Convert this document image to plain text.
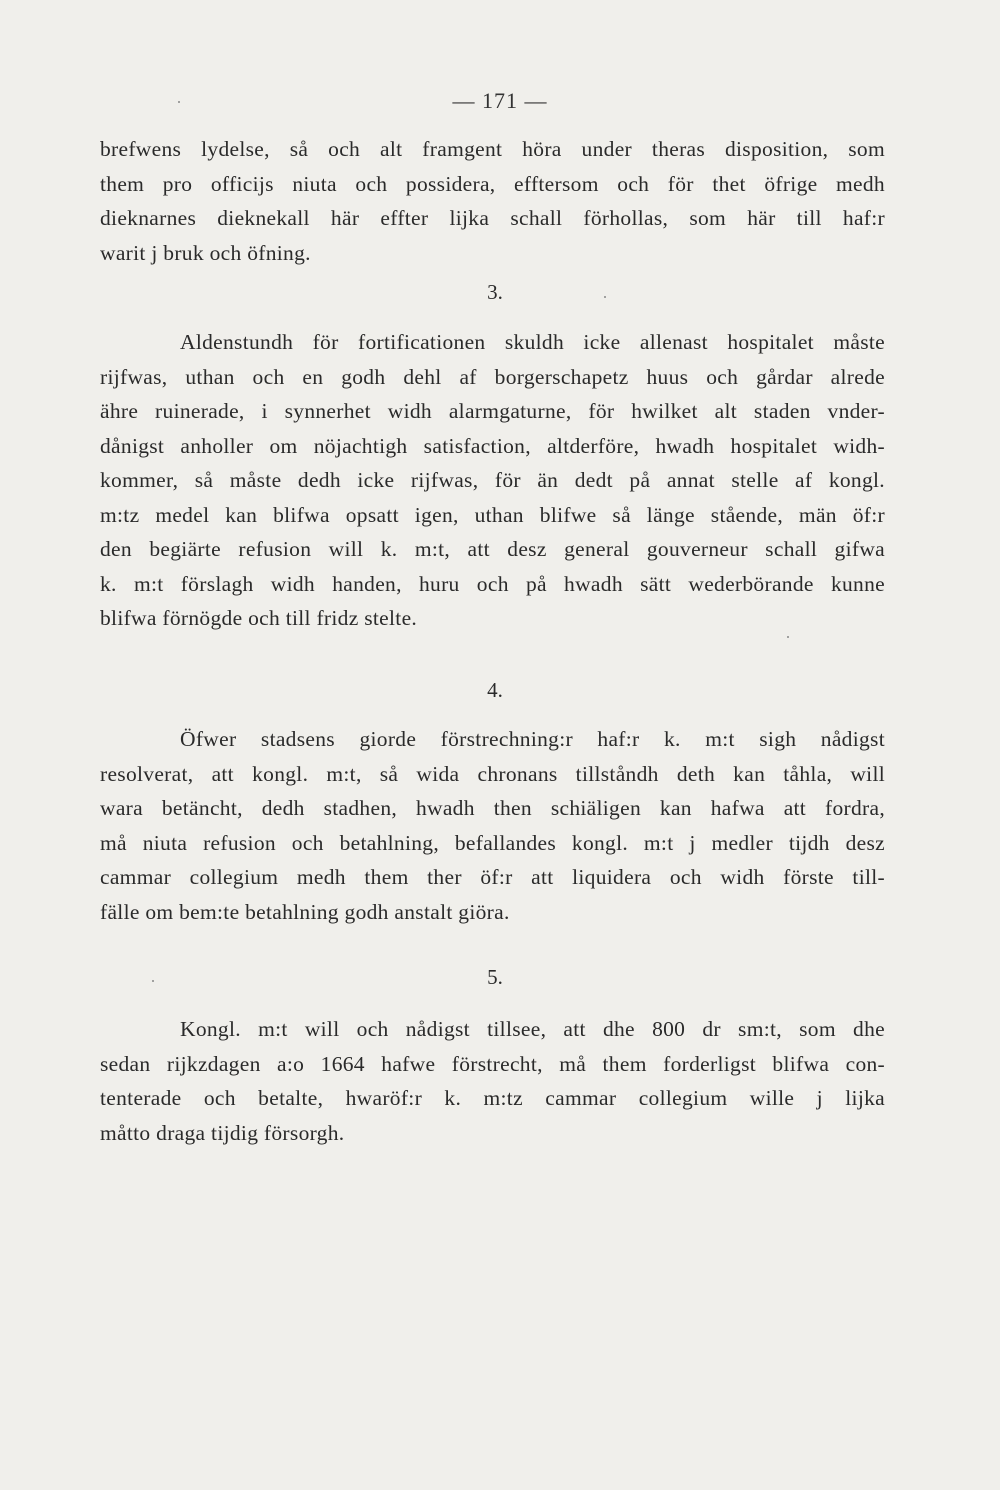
— 171 —
brefwens lydelse, så och alt framgent höra under theras disposition, som
them pro officijs niuta och possidera, efftersom och för thet öfrige medh
dieknarnes dieknekall här effter lijka schall förhollas, som här till haf:r
warit j bruk och öfning.
3.
Aldenstundh för fortificationen skuldh icke allenast hospitalet måste
rijfwas, uthan och en godh dehl af borgerschapetz huus och gårdar alrede
ähre ruinerade, i synnerhet widh alarmgaturne, för hwilket alt staden vnder-
dånigst anholler om nöjachtigh satisfaction, altderföre, hwadh hospitalet widh-
kommer, så måste dedh icke rijfwas, för än dedt på annat stelle af kongl.
m:tz medel kan blifwa opsatt igen, uthan blifwe så länge stående, män öf:r
den begiärte refusion will k. m:t, att desz general gouverneur schall gifwa
k. m:t förslagh widh handen, huru och på hwadh sätt wederbörande kunne
blifwa förnögde och till fridz stelte.
4.
Öfwer stadsens giorde förstrechning:r haf:r k. m:t sigh nådigst
resolverat, att kongl. m:t, så wida chronans tillståndh deth kan tåhla, will
wara betäncht, dedh stadhen, hwadh then schiäligen kan hafwa att fordra,
må niuta refusion och betahlning, befallandes kongl. m:t j medler tijdh desz
cammar collegium medh them ther öf:r att liquidera och widh förste till-
fälle om bem:te betahlning godh anstalt giöra.
5.
Kongl. m:t will och nådigst tillsee, att dhe 800 dr sm:t, som dhe
sedan rijkzdagen a:o 1664 hafwe förstrecht, må them forderligst blifwa con-
tenterade och betalte, hwaröf:r k. m:tz cammar collegium wille j lijka
måtto draga tijdig försorgh.
